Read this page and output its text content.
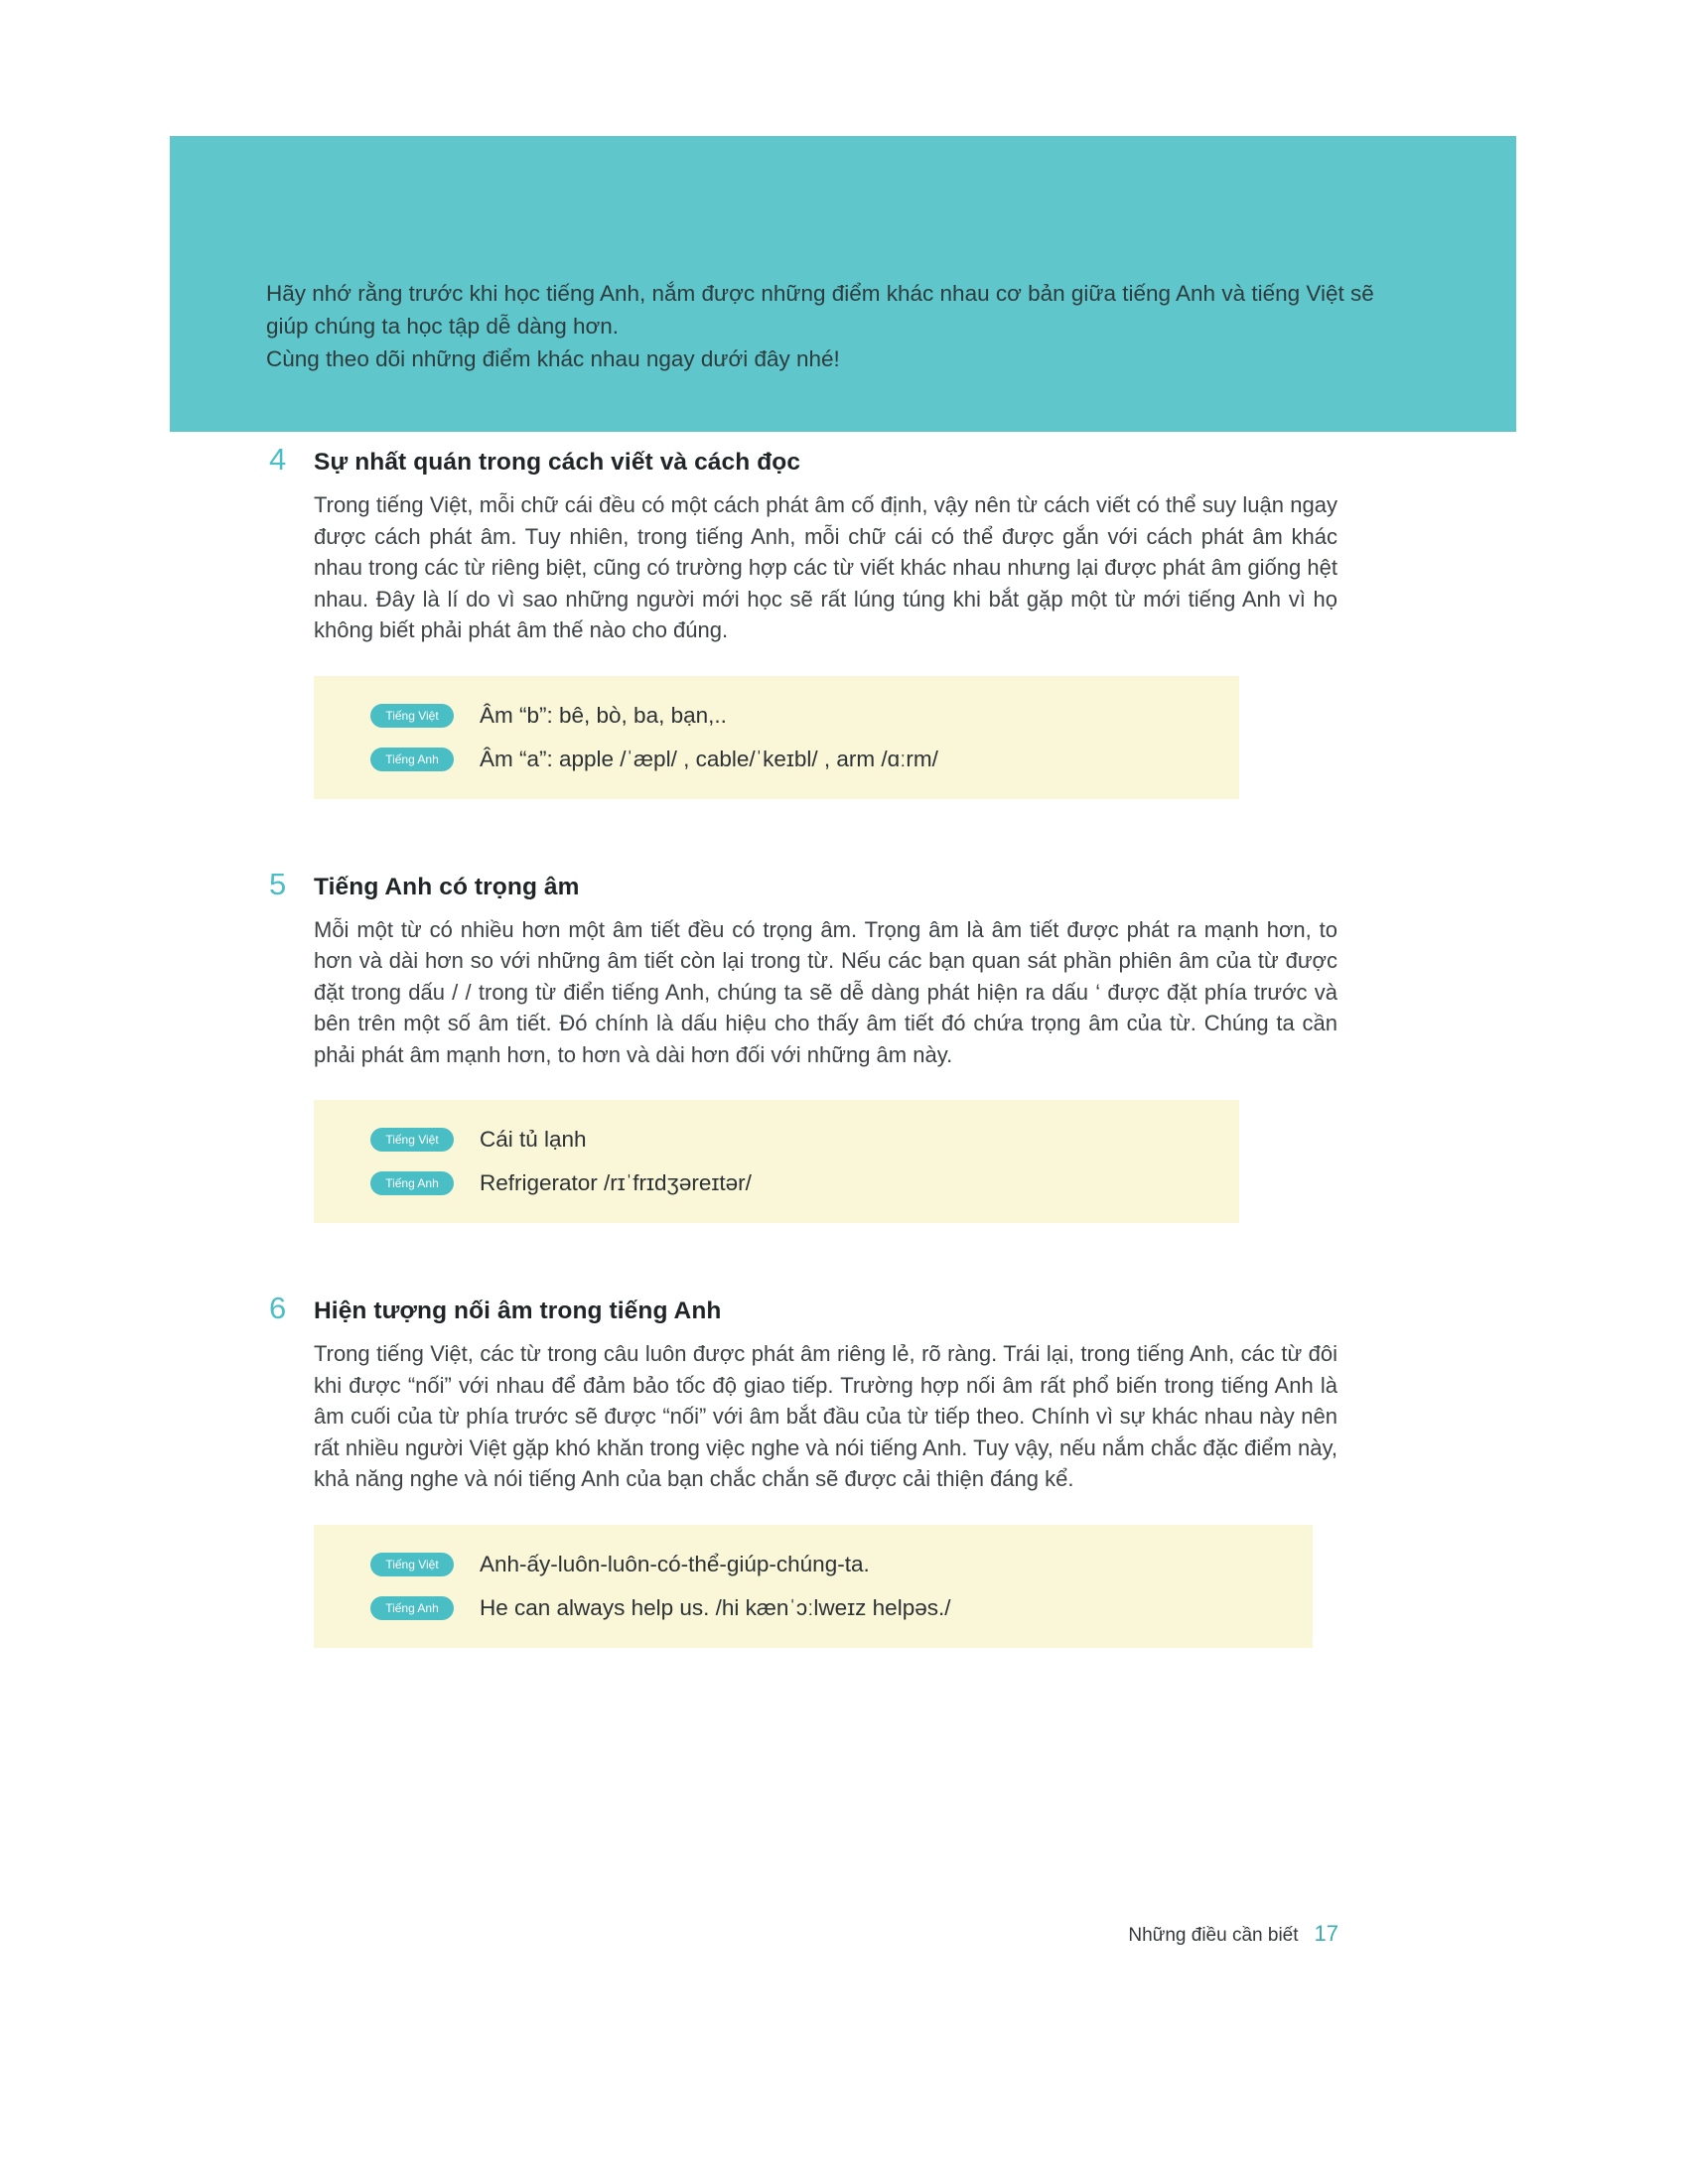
Hãy nhớ rằng trước khi học tiếng Anh, nắm được những điểm khác nhau cơ bản giữa tiếng Anh và tiếng Việt sẽ giúp chúng ta học tập dễ dàng hơn.

Cùng theo dõi những điểm khác nhau ngay dưới đây nhé!

4	Sự nhất quán trong cách viết và cách đọc
Trong tiếng Việt, mỗi chữ cái đều có một cách phát âm cố định, vậy nên từ cách viết có thể suy luận ngay được cách phát âm. Tuy nhiên, trong tiếng Anh, mỗi chữ cái có thể được gắn với cách phát âm khác nhau trong các từ riêng biệt, cũng có trường hợp các từ viết khác nhau nhưng lại được phát âm giống hệt nhau. Đây là lí do vì sao những người mới học sẽ rất lúng túng khi bắt gặp một từ mới tiếng Anh vì họ không biết phải phát âm thế nào cho đúng.
Tiếng Việt	Âm “b”: bê, bò, ba, bạn,..
Tiếng Anh	Âm “a”: apple /ˈæpl/ , cable/ˈkeɪbl/ , arm /ɑːrm/
5	Tiếng Anh có trọng âm
Mỗi một từ có nhiều hơn một âm tiết đều có trọng âm. Trọng âm là âm tiết được phát ra mạnh hơn, to hơn và dài hơn so với những âm tiết còn lại trong từ. Nếu các bạn quan sát phần phiên âm của từ được đặt trong dấu / / trong từ điển tiếng Anh, chúng ta sẽ dễ dàng phát hiện ra dấu ‘ được đặt phía trước và bên trên một số âm tiết. Đó chính là dấu hiệu cho thấy âm tiết đó chứa trọng âm của từ. Chúng ta cần phải phát âm mạnh hơn, to hơn và dài hơn đối với những âm này.
Tiếng Việt	Cái tủ lạnh
Tiếng Anh	Refrigerator /rɪˈfrɪdʒəreɪtər/
6	Hiện tượng nối âm trong tiếng Anh
Trong tiếng Việt, các từ trong câu luôn được phát âm riêng lẻ, rõ ràng. Trái lại, trong tiếng Anh, các từ đôi khi được “nối” với nhau để đảm bảo tốc độ giao tiếp. Trường hợp nối âm rất phổ biến trong tiếng Anh là âm cuối của từ phía trước sẽ được “nối” với âm bắt đầu của từ tiếp theo. Chính vì sự khác nhau này nên rất nhiều người Việt gặp khó khăn trong việc nghe và nói tiếng Anh. Tuy vậy, nếu nắm chắc đặc điểm này, khả năng nghe và nói tiếng Anh của bạn chắc chắn sẽ được cải thiện đáng kể.
Tiếng Việt	Anh-ấy-luôn-luôn-có-thể-giúp-chúng-ta.
Tiếng Anh	He can always help us. /hi kænˈɔːlweɪz helpəs./
Những điều cần biết 17
